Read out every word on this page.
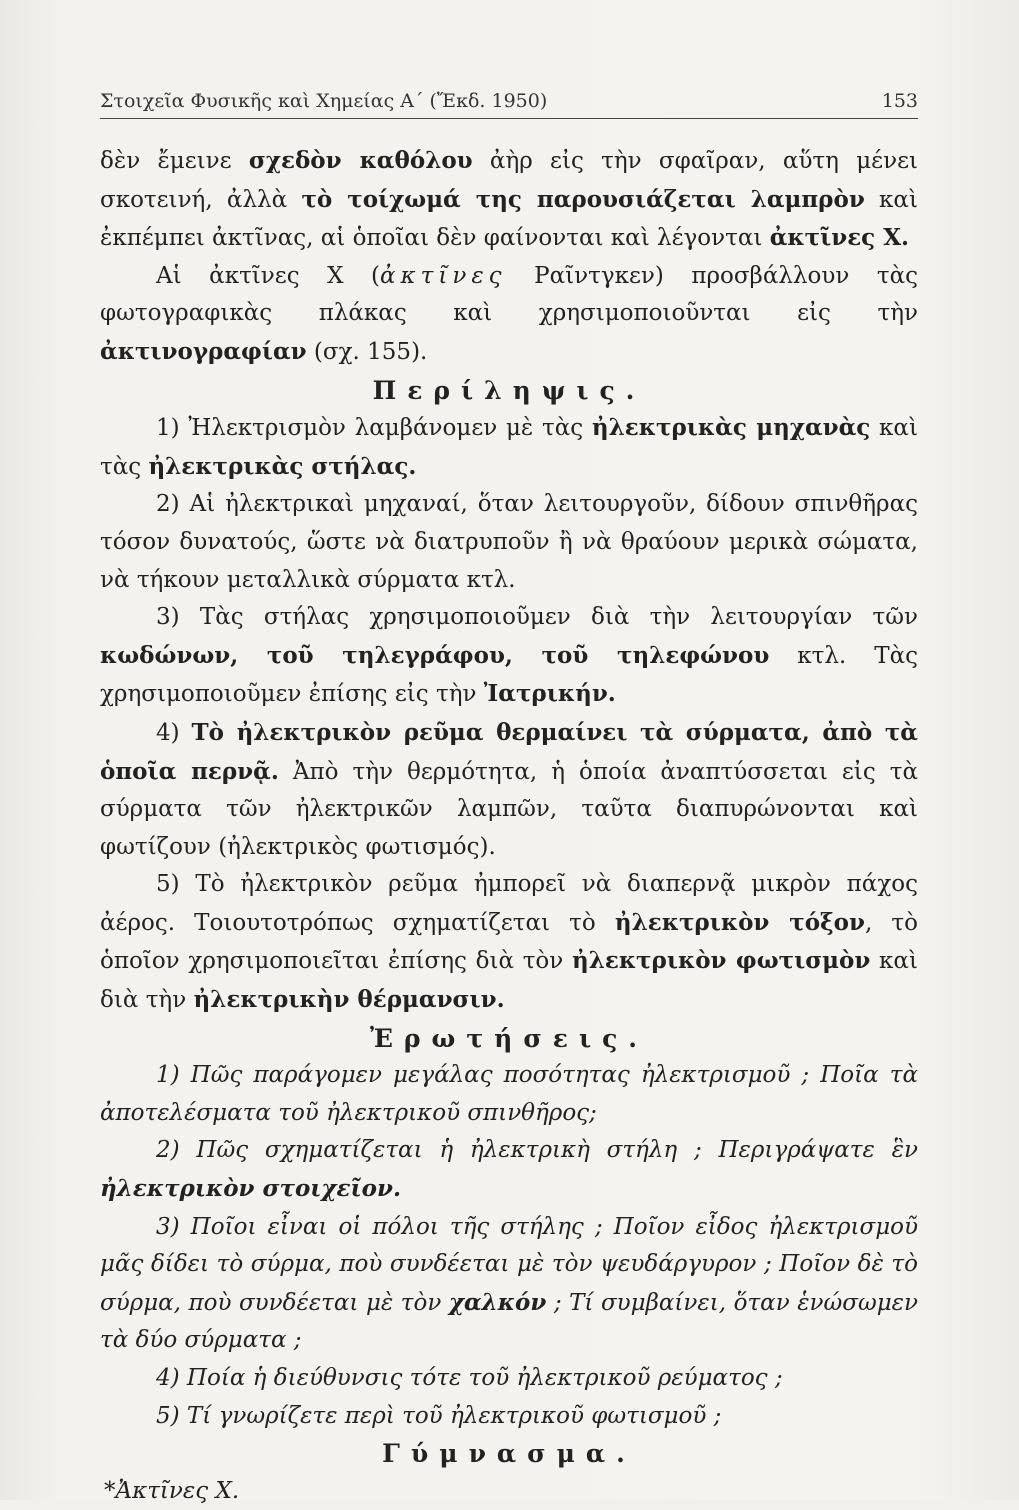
Στοιχεῖα Φυσικῆς καὶ Χημείας Α΄ (Ἔκδ. 1950)	153

δὲν ἔμεινε σχεδὸν καθόλου ἀὴρ εἰς τὴν σφαῖραν, αὕτη μένει σκοτεινή, ἀλλὰ τὸ τοίχωμά της παρουσιάζεται λαμπρὸν καὶ ἐκπέμπει ἀκτῖνας, αἱ ὁποῖαι δὲν φαίνονται καὶ λέγονται ἀκτῖνες Χ.

Αἱ ἀκτῖνες Χ (ἀκτῖνες Ραῖντγκεν) προσβάλλουν τὰς φωτογραφικὰς πλάκας καὶ χρησιμοποιοῦνται εἰς τὴν ἀκτινογραφίαν (σχ. 155).

Περίληψις.

1) Ἠλεκτρισμὸν λαμβάνομεν μὲ τὰς ἠλεκτρικὰς μηχανὰς καὶ τὰς ἠλεκτρικὰς στήλας.

2) Αἱ ἠλεκτρικαὶ μηχαναί, ὅταν λειτουργοῦν, δίδουν σπινθῆρας τόσον δυνατούς, ὥστε νὰ διατρυποῦν ἢ νὰ θραύουν μερικὰ σώματα, νὰ τήκουν μεταλλικὰ σύρματα κτλ.

3) Τὰς στήλας χρησιμοποιοῦμεν διὰ τὴν λειτουργίαν τῶν κωδώνων, τοῦ τηλεγράφου, τοῦ τηλεφώνου κτλ. Τὰς χρησιμοποιοῦμεν ἐπίσης εἰς τὴν Ἰατρικήν.

4) Τὸ ἠλεκτρικὸν ρεῦμα θερμαίνει τὰ σύρματα, ἀπὸ τὰ ὁποῖα περνᾷ. Ἀπὸ τὴν θερμότητα, ἡ ὁποία ἀναπτύσσεται εἰς τὰ σύρματα τῶν ἠλεκτρικῶν λαμπῶν, ταῦτα διαπυρώνονται καὶ φωτίζουν (ἠλεκτρικὸς φωτισμός).

5) Τὸ ἠλεκτρικὸν ρεῦμα ἠμπορεῖ νὰ διαπερνᾷ μικρὸν πάχος ἀέρος. Τοιουτοτρόπως σχηματίζεται τὸ ἠλεκτρικὸν τόξον, τὸ ὁποῖον χρησιμοποιεῖται ἐπίσης διὰ τὸν ἠλεκτρικὸν φωτισμὸν καὶ διὰ τὴν ἠλεκτρικὴν θέρμανσιν.

Ἐρωτήσεις.

1) Πῶς παράγομεν μεγάλας ποσότητας ἠλεκτρισμοῦ ; Ποῖα τὰ ἀποτελέσματα τοῦ ἠλεκτρικοῦ σπινθῆρος;

2) Πῶς σχηματίζεται ἡ ἠλεκτρικὴ στήλη ; Περιγράψατε ἓν ἠλεκτρικὸν στοιχεῖον.

3) Ποῖοι εἶναι οἱ πόλοι τῆς στήλης ; Ποῖον εἶδος ἠλεκτρισμοῦ μᾶς δίδει τὸ σύρμα, ποὺ συνδέεται μὲ τὸν ψευδάργυρον ; Ποῖον δὲ τὸ σύρμα, ποὺ συνδέεται μὲ τὸν χαλκόν ; Τί συμβαίνει, ὅταν ἑνώσωμεν τὰ δύο σύρματα ;

4) Ποία ἡ διεύθυνσις τότε τοῦ ἠλεκτρικοῦ ρεύματος ;

5) Τί γνωρίζετε περὶ τοῦ ἠλεκτρικοῦ φωτισμοῦ ;

Γύμνασμα.

*Ἀκτῖνες Χ.
